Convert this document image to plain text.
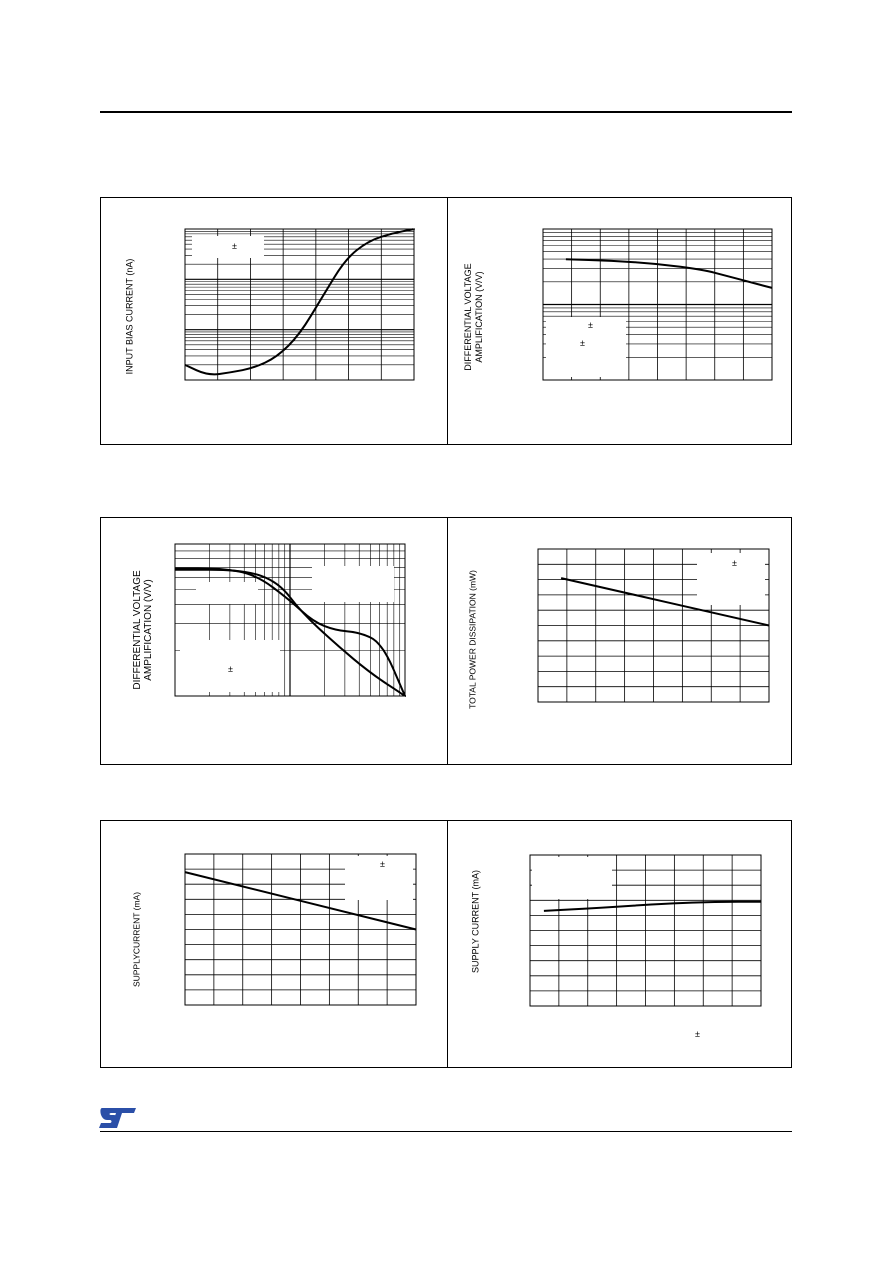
INPUT BIAS CURRENT (nA)	DIFFERENTIAL VOLTAGE
AMPLIFICATION (V/V)
DIFFERENTIAL VOLTAGE
AMPLIFICATION (V/V)	TOTAL POWER DISSIPATION (mW)
SUPPLYCURRENT (mA)	SUPPLY CURRENT (mA)
±
±
±
±
±
±
±
